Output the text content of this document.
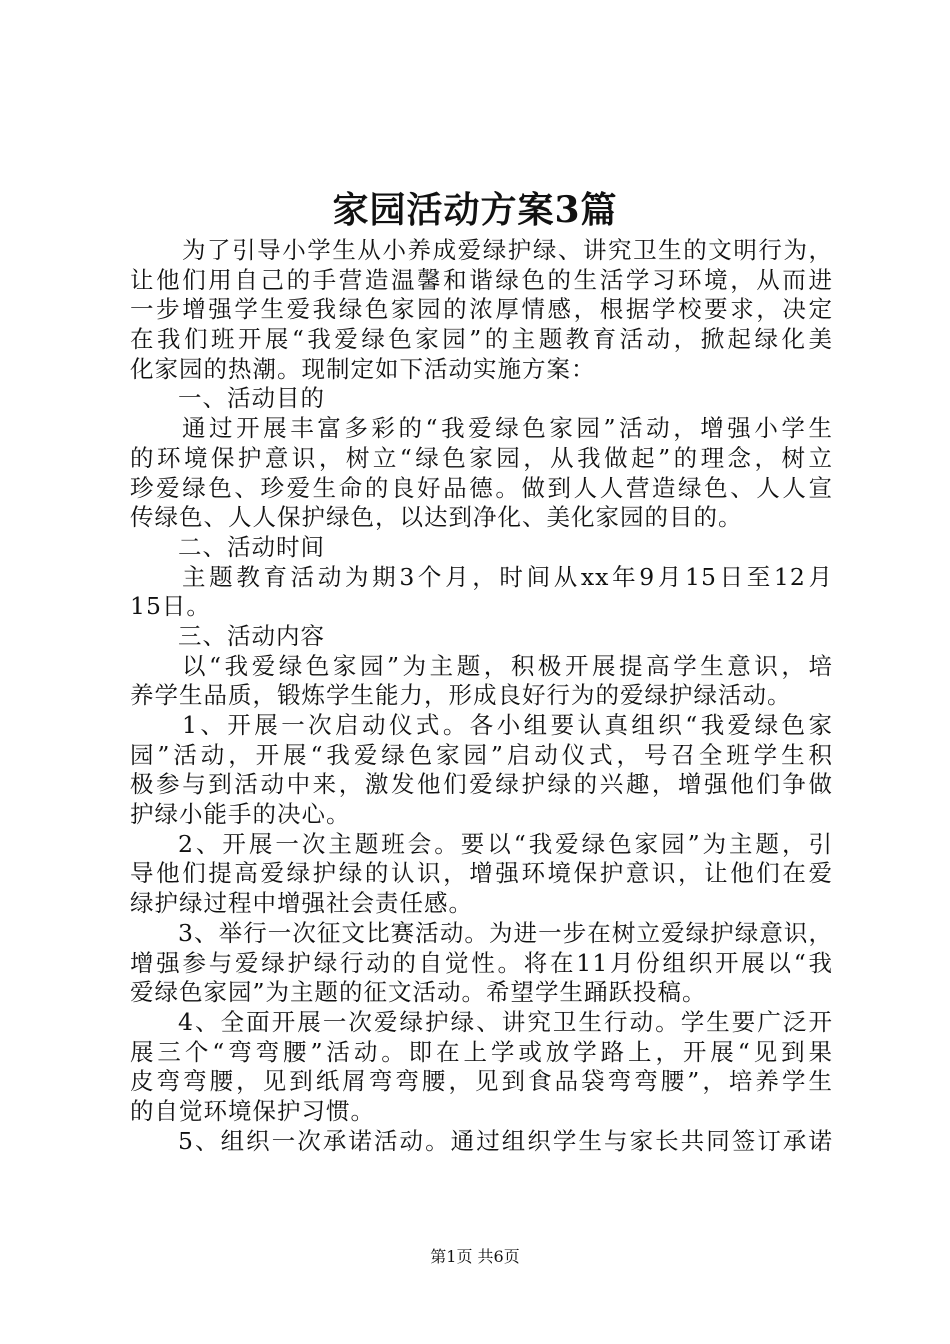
家园活动方案3篇
为了引导小学生从小养成爱绿护绿、讲究卫生的文明行为，
让他们用自己的手营造温馨和谐绿色的生活学习环境，从而进
一步增强学生爱我绿色家园的浓厚情感，根据学校要求，决定
在我们班开展“我爱绿色家园”的主题教育活动，掀起绿化美
化家园的热潮。现制定如下活动实施方案：
一、活动目的
通过开展丰富多彩的“我爱绿色家园”活动，增强小学生
的环境保护意识，树立“绿色家园，从我做起”的理念，树立
珍爱绿色、珍爱生命的良好品德。做到人人营造绿色、人人宣
传绿色、人人保护绿色，以达到净化、美化家园的目的。
二、活动时间
主题教育活动为期3个月，时间从xx年9月15日至12月
15日。
三、活动内容
以“我爱绿色家园”为主题，积极开展提高学生意识，培
养学生品质，锻炼学生能力，形成良好行为的爱绿护绿活动。
1、开展一次启动仪式。各小组要认真组织“我爱绿色家
园”活动，开展“我爱绿色家园”启动仪式，号召全班学生积
极参与到活动中来，激发他们爱绿护绿的兴趣，增强他们争做
护绿小能手的决心。
2、开展一次主题班会。要以“我爱绿色家园”为主题，引
导他们提高爱绿护绿的认识，增强环境保护意识，让他们在爱
绿护绿过程中增强社会责任感。
3、举行一次征文比赛活动。为进一步在树立爱绿护绿意识，
增强参与爱绿护绿行动的自觉性。将在11月份组织开展以“我
爱绿色家园”为主题的征文活动。希望学生踊跃投稿。
4、全面开展一次爱绿护绿、讲究卫生行动。学生要广泛开
展三个“弯弯腰”活动。即在上学或放学路上，开展“见到果
皮弯弯腰，见到纸屑弯弯腰，见到食品袋弯弯腰”，培养学生
的自觉环境保护习惯。
5、组织一次承诺活动。通过组织学生与家长共同签订承诺
第1页 共6页
